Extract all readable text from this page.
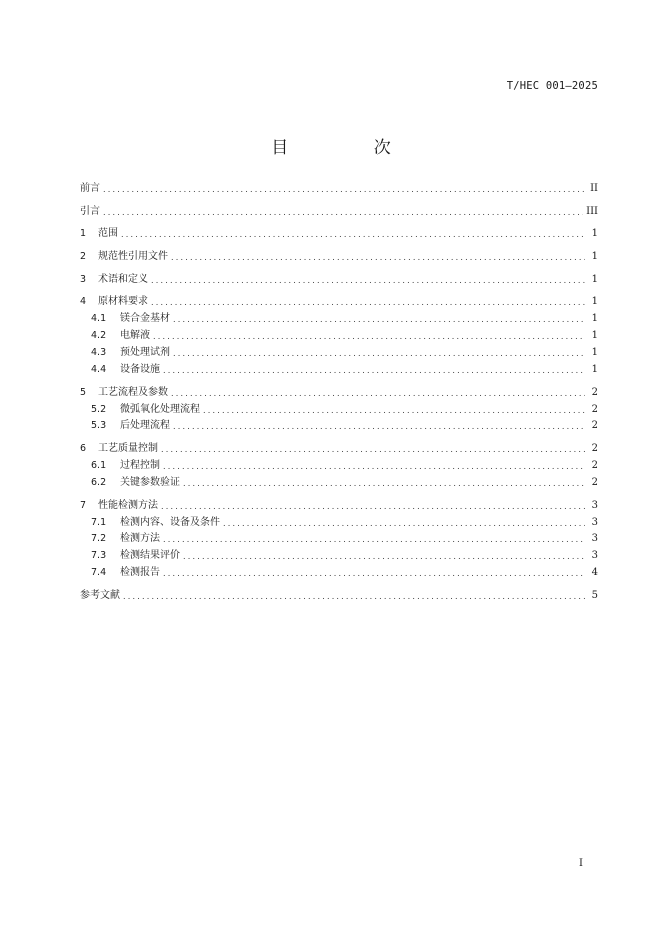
T/HEC 001—2025
目 次
前言 .....	II
引言 .....	III
1	范围 .....	1
2	规范性引用文件 .....	1
3	术语和定义 .....	1
4	原材料要求 .....	1
4.1	镁合金基材 .....	1
4.2	电解液 .....	1
4.3	预处理试剂 .....	1
4.4	设备设施 .....	1
5	工艺流程及参数 .....	2
5.2	微弧氧化处理流程 .....	2
5.3	后处理流程 .....	2
6	工艺质量控制 .....	2
6.1	过程控制 .....	2
6.2	关键参数验证 .....	2
7	性能检测方法 .....	3
7.1	检测内容、设备及条件 .....	3
7.2	检测方法 .....	3
7.3	检测结果评价 .....	3
7.4	检测报告 .....	4
参考文献 .....	5
I
